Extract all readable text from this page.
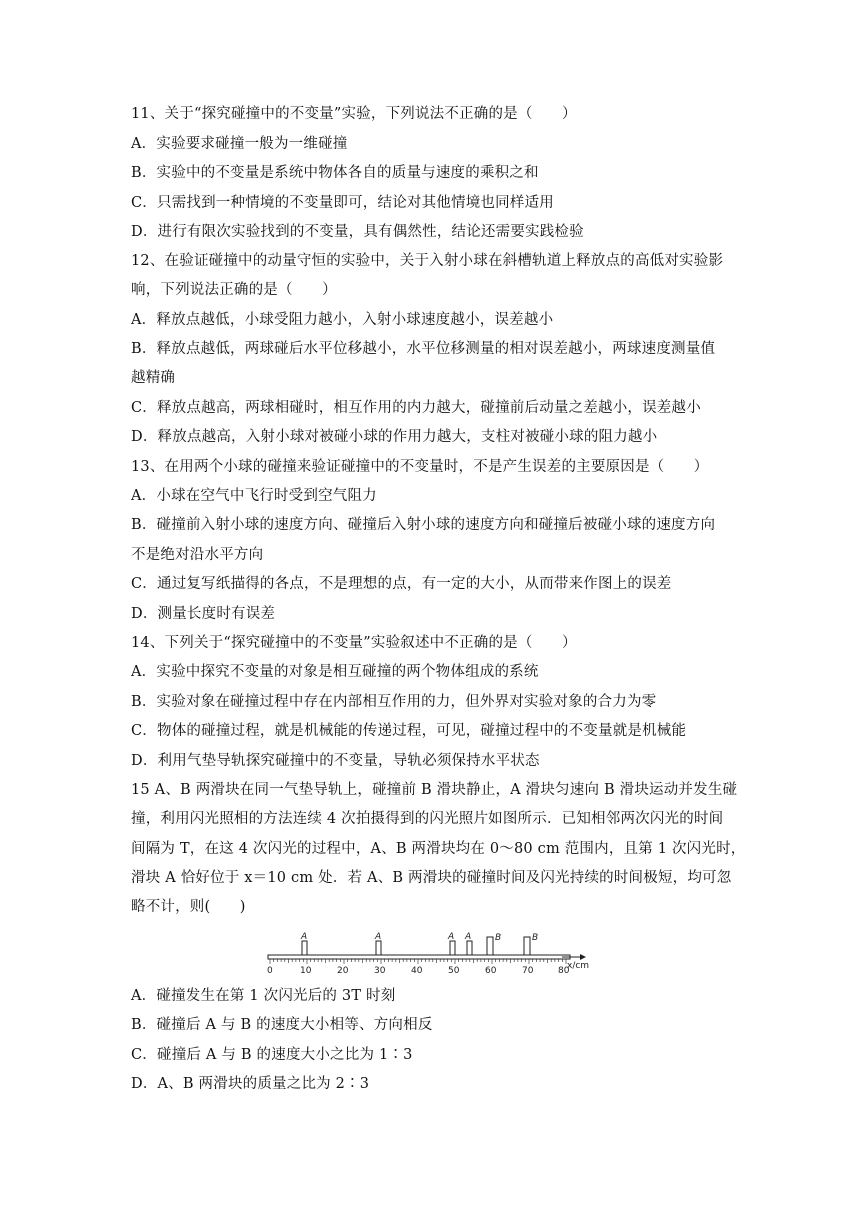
11、关于“探究碰撞中的不变量”实验，下列说法不正确的是（　　）
A．实验要求碰撞一般为一维碰撞
B．实验中的不变量是系统中物体各自的质量与速度的乘积之和
C．只需找到一种情境的不变量即可，结论对其他情境也同样适用
D．进行有限次实验找到的不变量，具有偶然性，结论还需要实践检验
12、在验证碰撞中的动量守恒的实验中，关于入射小球在斜槽轨道上释放点的高低对实验影
响，下列说法正确的是（　　）
A．释放点越低，小球受阻力越小，入射小球速度越小，误差越小
B．释放点越低，两球碰后水平位移越小，水平位移测量的相对误差越小，两球速度测量值
越精确
C．释放点越高，两球相碰时，相互作用的内力越大，碰撞前后动量之差越小，误差越小
D．释放点越高，入射小球对被碰小球的作用力越大，支柱对被碰小球的阻力越小
13、在用两个小球的碰撞来验证碰撞中的不变量时，不是产生误差的主要原因是（　　）
A．小球在空气中飞行时受到空气阻力
B．碰撞前入射小球的速度方向、碰撞后入射小球的速度方向和碰撞后被碰小球的速度方向
不是绝对沿水平方向
C．通过复写纸描得的各点，不是理想的点，有一定的大小，从而带来作图上的误差
D．测量长度时有误差
14、下列关于“探究碰撞中的不变量”实验叙述中不正确的是（　　）
A．实验中探究不变量的对象是相互碰撞的两个物体组成的系统
B．实验对象在碰撞过程中存在内部相互作用的力，但外界对实验对象的合力为零
C．物体的碰撞过程，就是机械能的传递过程，可见，碰撞过程中的不变量就是机械能
D．利用气垫导轨探究碰撞中的不变量，导轨必须保持水平状态
15 A、B 两滑块在同一气垫导轨上，碰撞前 B 滑块静止，A 滑块匀速向 B 滑块运动并发生碰
撞，利用闪光照相的方法连续 4 次拍摄得到的闪光照片如图所示．已知相邻两次闪光的时间
间隔为 T，在这 4 次闪光的过程中，A、B 两滑块均在 0～80 cm 范围内，且第 1 次闪光时，
滑块 A 恰好位于 x＝10 cm 处．若 A、B 两滑块的碰撞时间及闪光持续的时间极短，均可忽
略不计，则(　　)
x/cm
0	10	20	30	40	50	60	70	80
A	A	A A	B	B
A．碰撞发生在第 1 次闪光后的 3T 时刻
B．碰撞后 A 与 B 的速度大小相等、方向相反
C．碰撞后 A 与 B 的速度大小之比为 1∶3
D．A、B 两滑块的质量之比为 2∶3
